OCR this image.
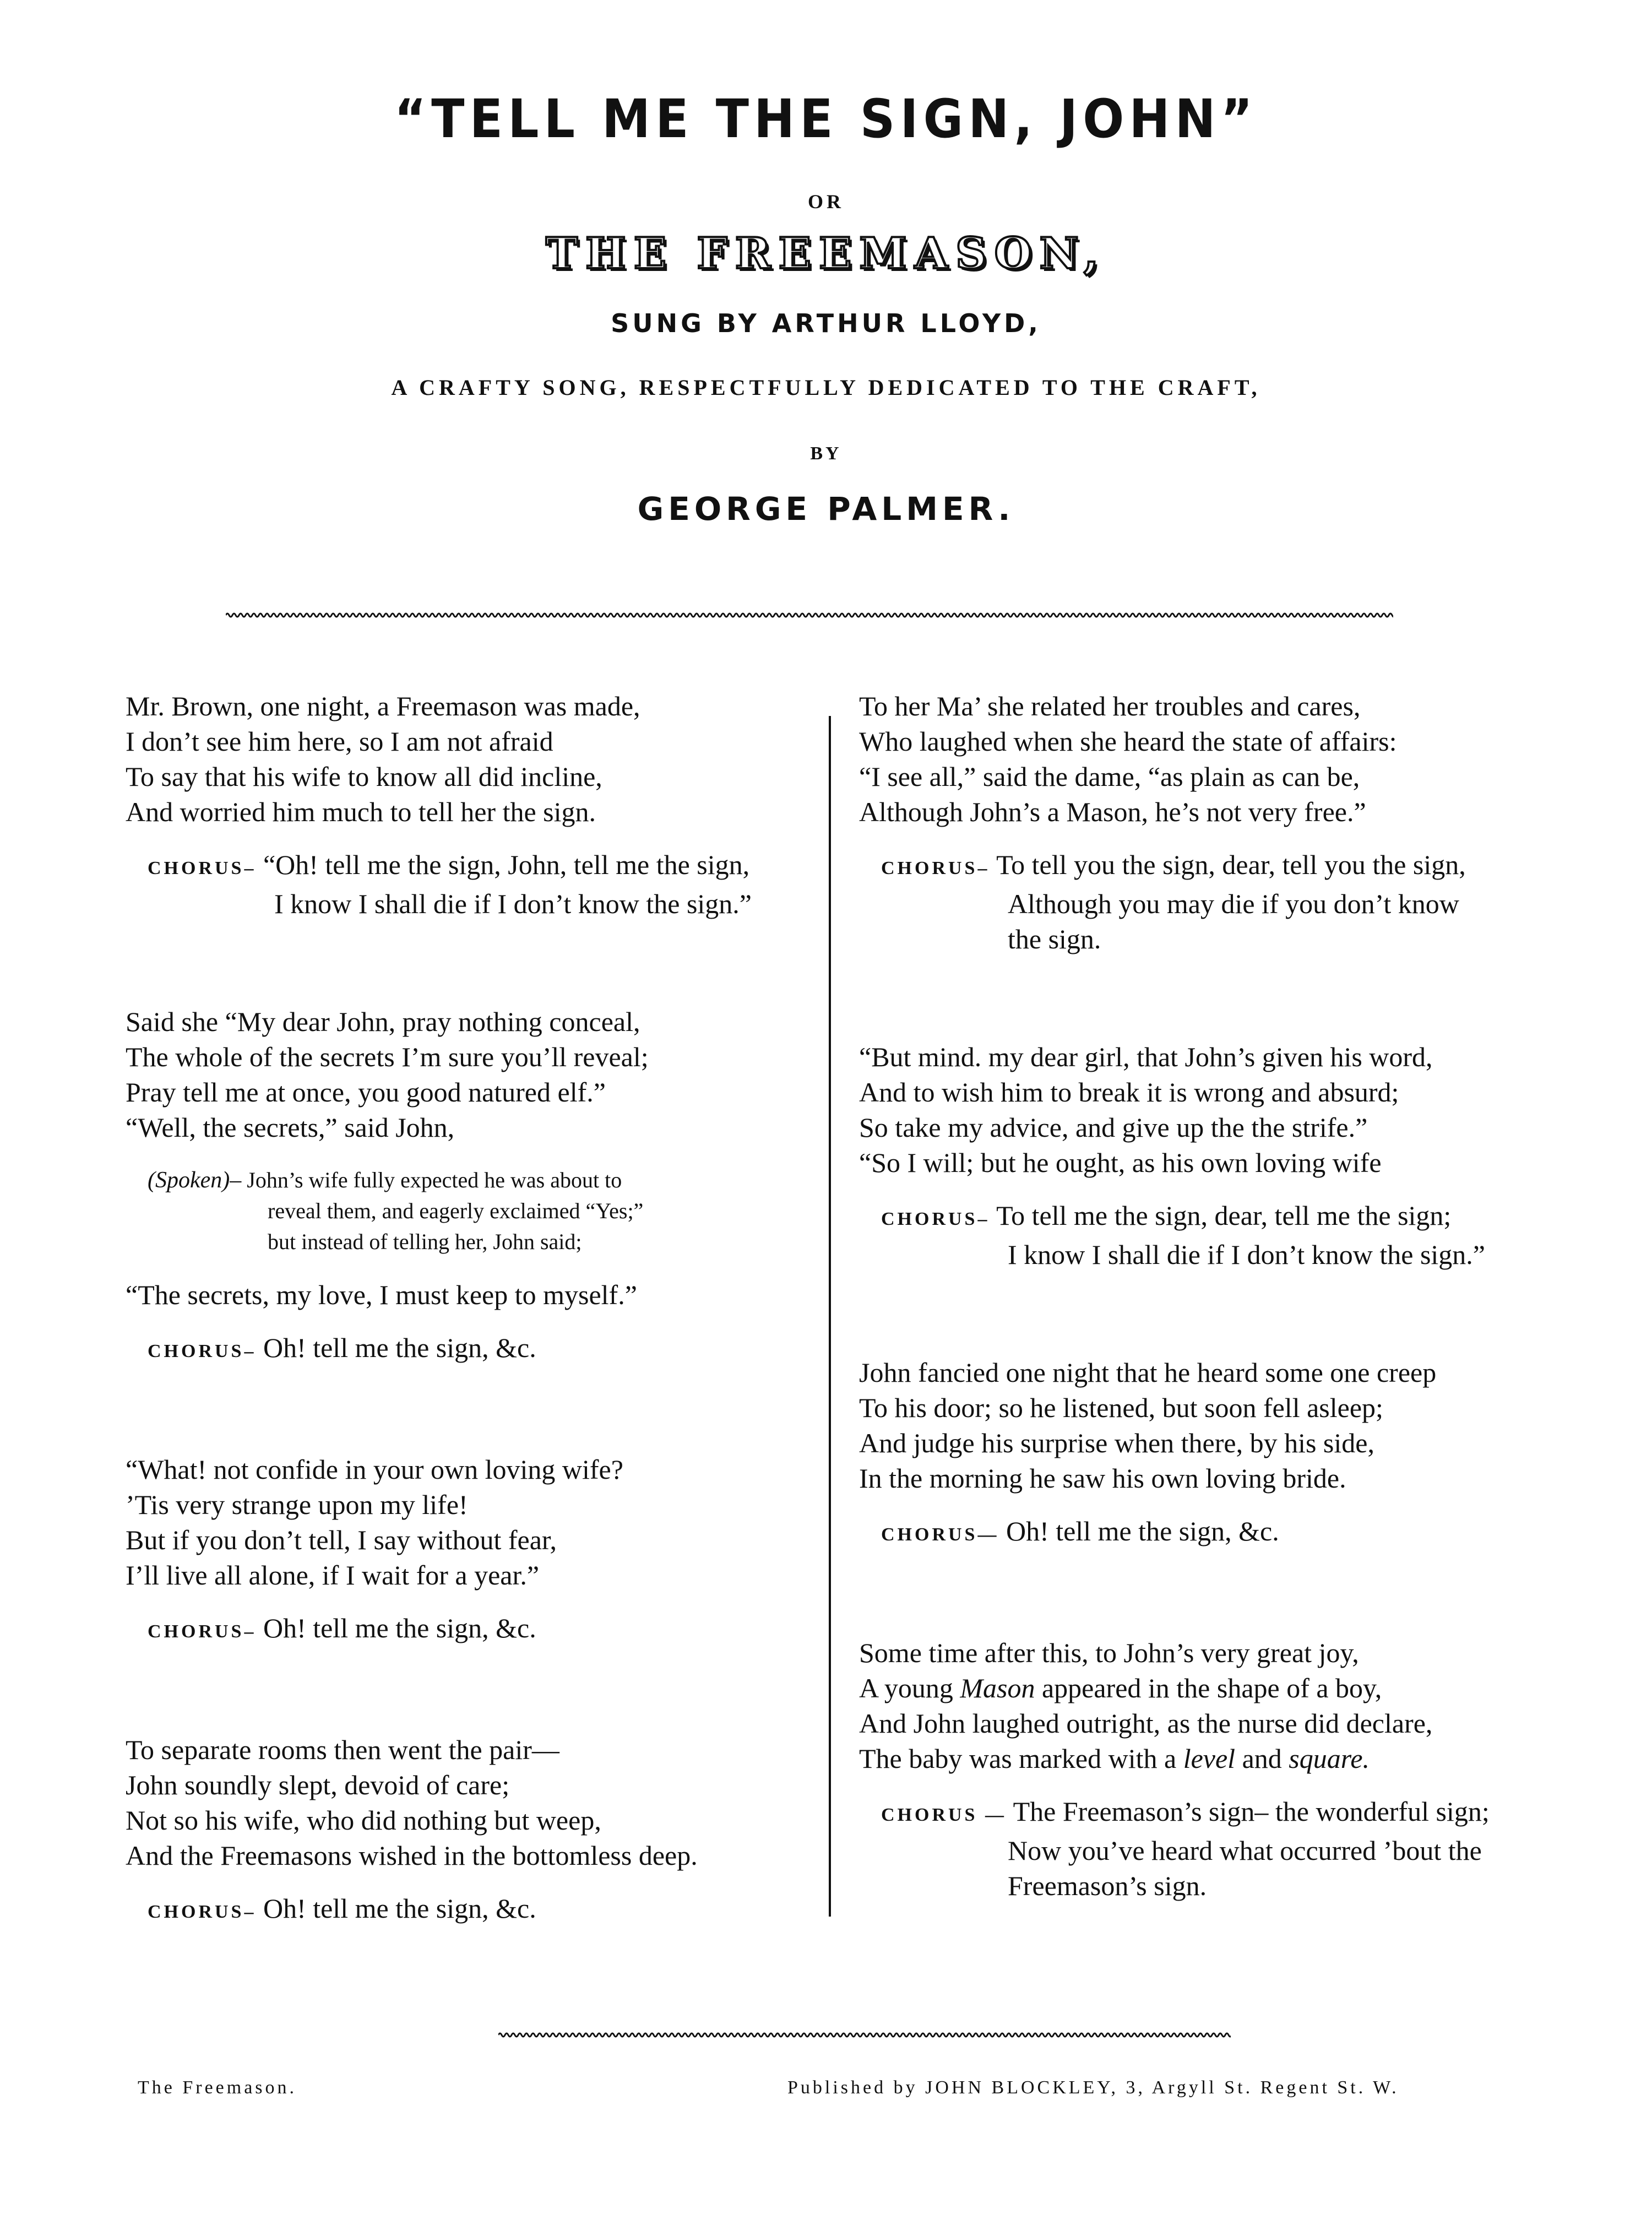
“TELL ME THE SIGN, JOHN”
OR
THE FREEMASON,
SUNG BY ARTHUR LLOYD,
A CRAFTY SONG, RESPECTFULLY DEDICATED TO THE CRAFT,
BY
GEORGE PALMER.
Mr. Brown, one night, a Freemason was made,
I don’t see him here, so I am not afraid
To say that his wife to know all did incline,
And worried him much to tell her the sign.
CHORUS– “Oh! tell me the sign, John, tell me the sign,
I know I shall die if I don’t know the sign.”
Said she “My dear John, pray nothing conceal,
The whole of the secrets I’m sure you’ll reveal;
Pray tell me at once, you good natured elf.”
“Well, the secrets,” said John,
(Spoken)– John’s wife fully expected he was about to
reveal them, and eagerly exclaimed “Yes;”
but instead of telling her, John said;
“The secrets, my love, I must keep to myself.”
CHORUS– Oh! tell me the sign, &c.
“What! not confide in your own loving wife?
’Tis very strange upon my life!
But if you don’t tell, I say without fear,
I’ll live all alone, if I wait for a year.”
CHORUS– Oh! tell me the sign, &c.
To separate rooms then went the pair—
John soundly slept, devoid of care;
Not so his wife, who did nothing but weep,
And the Freemasons wished in the bottomless deep.
CHORUS– Oh! tell me the sign, &c.
To her Ma’ she related her troubles and cares,
Who laughed when she heard the state of affairs:
“I see all,” said the dame, “as plain as can be,
Although John’s a Mason, he’s not very free.”
CHORUS– To tell you the sign, dear, tell you the sign,
Although you may die if you don’t know
the sign.
“But mind. my dear girl, that John’s given his word,
And to wish him to break it is wrong and absurd;
So take my advice, and give up the the strife.”
“So I will; but he ought, as his own loving wife
CHORUS– To tell me the sign, dear, tell me the sign;
I know I shall die if I don’t know the sign.”
John fancied one night that he heard some one creep
To his door; so he listened, but soon fell asleep;
And judge his surprise when there, by his side,
In the morning he saw his own loving bride.
CHORUS— Oh! tell me the sign, &c.
Some time after this, to John’s very great joy,
A young Mason appeared in the shape of a boy,
And John laughed outright, as the nurse did declare,
The baby was marked with a level and square.
CHORUS — The Freemason’s sign– the wonderful sign;
Now you’ve heard what occurred ’bout the
Freemason’s sign.
The Freemason.	Published by JOHN BLOCKLEY, 3, Argyll St. Regent St. W.
